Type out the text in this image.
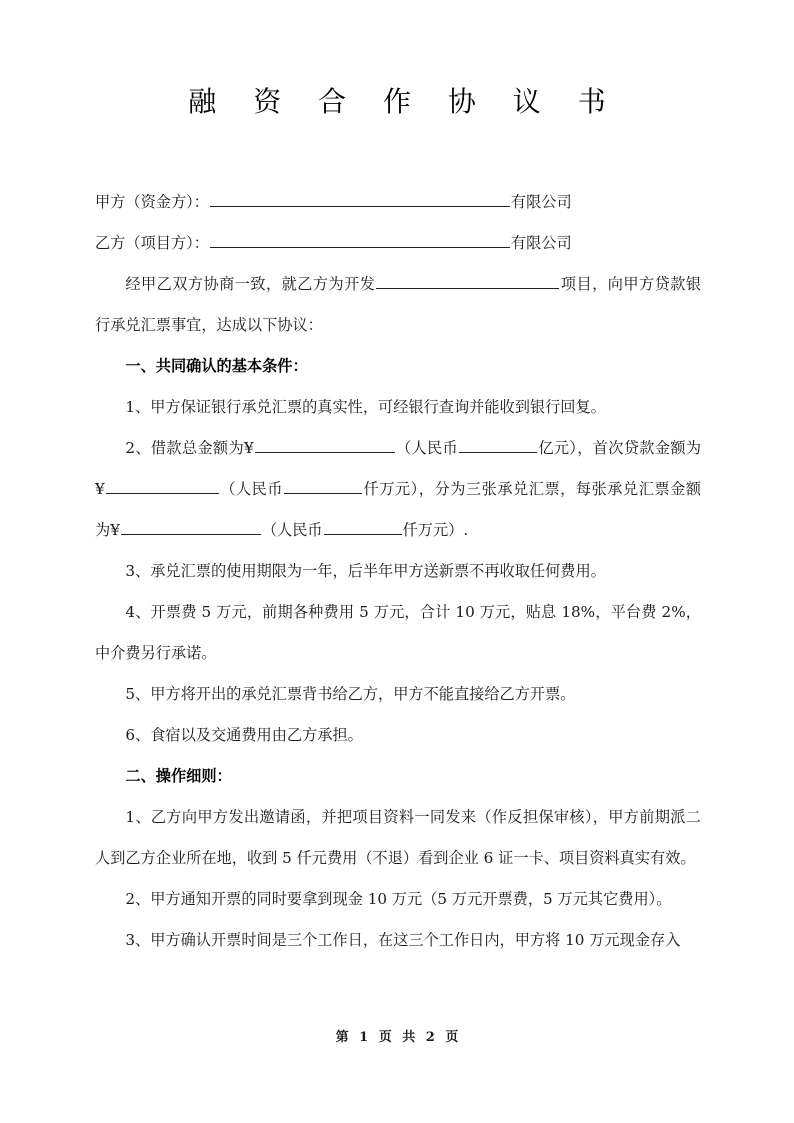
融 资 合 作 协 议 书

甲方（资金方）：	有限公司

乙方（项目方）：	有限公司

经甲乙双方协商一致，就乙方为开发	项目，向甲方贷款银行承兑汇票事宜，达成以下协议：

一、共同确认的基本条件：

1、甲方保证银行承兑汇票的真实性，可经银行查询并能收到银行回复。

2、借款总金额为¥	（人民币	亿元），首次贷款金额为¥	（人民币	仟万元），分为三张承兑汇票，每张承兑汇票金额为¥	（人民币	仟万元）.

3、承兑汇票的使用期限为一年，后半年甲方送新票不再收取任何费用。

4、开票费 5 万元，前期各种费用 5 万元，合计 10 万元，贴息 18%，平台费 2%，中介费另行承诺。

5、甲方将开出的承兑汇票背书给乙方，甲方不能直接给乙方开票。

6、食宿以及交通费用由乙方承担。

二、操作细则：

1、乙方向甲方发出邀请函，并把项目资料一同发来（作反担保审核），甲方前期派二人到乙方企业所在地，收到 5 仟元费用（不退）看到企业 6 证一卡、项目资料真实有效。

2、甲方通知开票的同时要拿到现金 10 万元（5 万元开票费，5 万元其它费用）。

3、甲方确认开票时间是三个工作日，在这三个工作日内，甲方将 10 万元现金存入

第 1 页 共 2 页
